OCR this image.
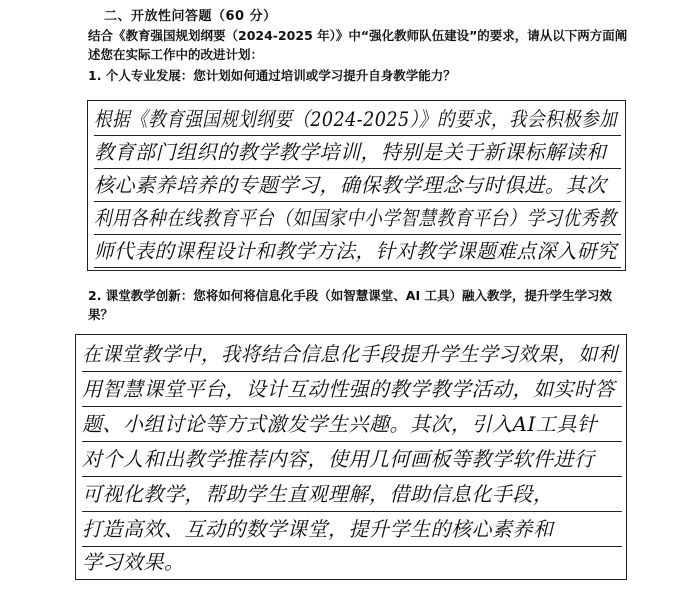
二、开放性问答题（60 分）
结合《教育强国规划纲要（2024-2025 年）》中“强化教师队伍建设”的要求，请从以下两方面阐述您在实际工作中的改进计划：
1. 个人专业发展：您计划如何通过培训或学习提升自身教学能力？
根据《教育强国规划纲要（2024-2025）》的要求，我会积极参加
教育部门组织的教学教学培训，特别是关于新课标解读和
核心素养培养的专题学习，确保教学理念与时俱进。其次
利用各种在线教育平台（如国家中小学智慧教育平台）学习优秀教
师代表的课程设计和教学方法，针对教学课题难点深入研究
2. 课堂教学创新：您将如何将信息化手段（如智慧课堂、AI 工具）融入教学，提升学生学习效果？
在课堂教学中，我将结合信息化手段提升学生学习效果，如利
用智慧课堂平台，设计互动性强的教学教学活动，如实时答
题、小组讨论等方式激发学生兴趣。其次，引入AI工具针
对个人和出教学推荐内容，使用几何画板等教学软件进行
可视化教学，帮助学生直观理解，借助信息化手段，
打造高效、互动的数学课堂，提升学生的核心素养和
学习效果。
